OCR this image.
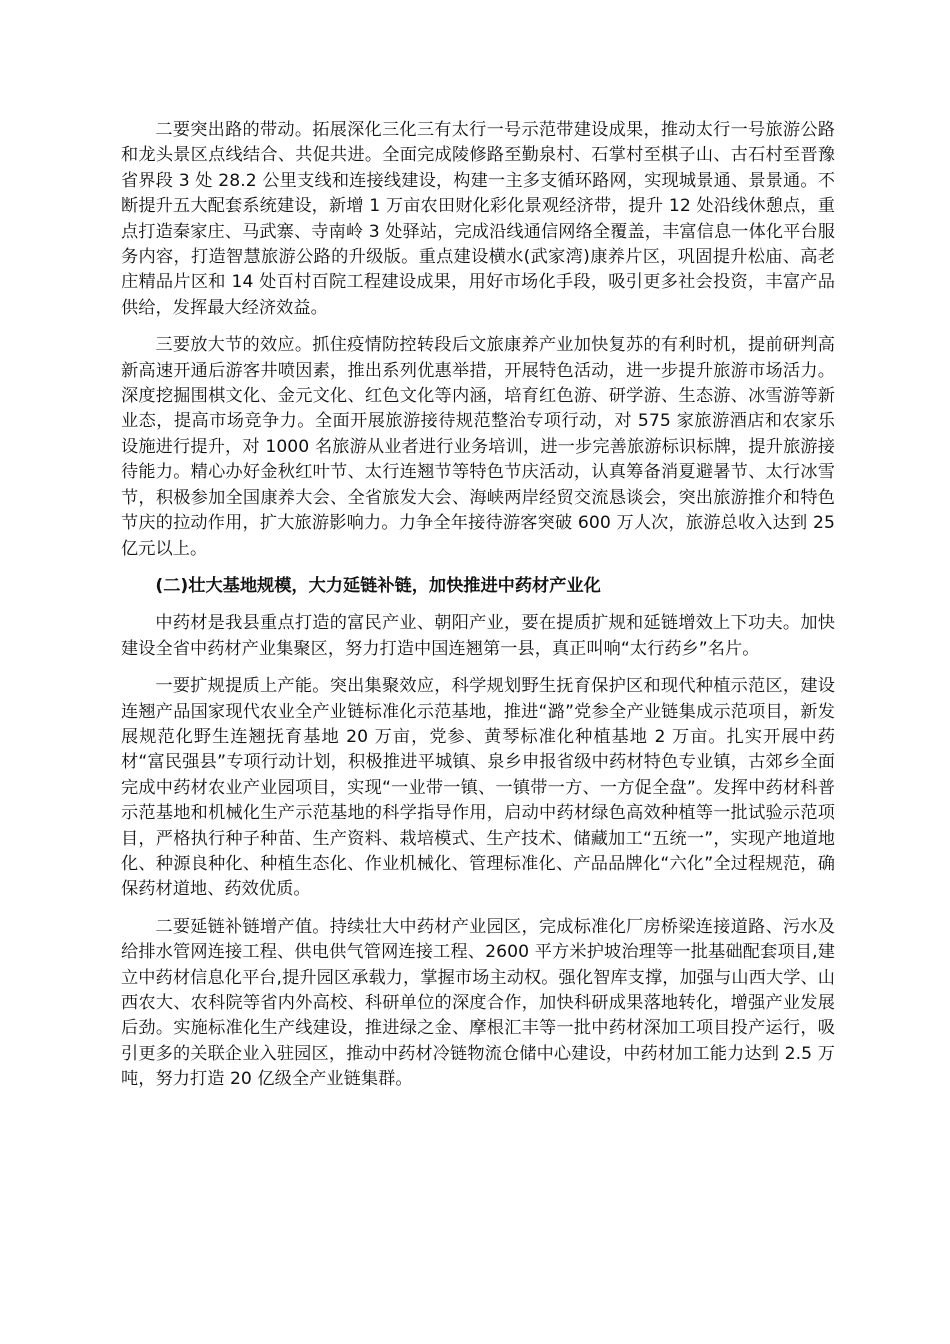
二要突出路的带动。拓展深化三化三有太行一号示范带建设成果，推动太行一号旅游公路和龙头景区点线结合、共促共进。全面完成陵修路至勤泉村、石掌村至棋子山、古石村至晋豫省界段 3 处 28.2 公里支线和连接线建设，构建一主多支循环路网，实现城景通、景景通。不断提升五大配套系统建设，新增 1 万亩农田财化彩化景观经济带，提升 12 处沿线休憩点，重点打造秦家庄、马武寨、寺南岭 3 处驿站，完成沿线通信网络全覆盖，丰富信息一体化平台服务内容，打造智慧旅游公路的升级版。重点建设横水(武家湾)康养片区，巩固提升松庙、高老庄精品片区和 14 处百村百院工程建设成果，用好市场化手段，吸引更多社会投资，丰富产品供给，发挥最大经济效益。

三要放大节的效应。抓住疫情防控转段后文旅康养产业加快复苏的有利时机，提前研判高新高速开通后游客井喷因素，推出系列优惠举措，开展特色活动，进一步提升旅游市场活力。深度挖掘围棋文化、金元文化、红色文化等内涵，培育红色游、研学游、生态游、冰雪游等新业态，提高市场竞争力。全面开展旅游接待规范整治专项行动，对 575 家旅游酒店和农家乐设施进行提升，对 1000 名旅游从业者进行业务培训，进一步完善旅游标识标牌，提升旅游接待能力。精心办好金秋红叶节、太行连翘节等特色节庆活动，认真筹备消夏避暑节、太行冰雪节，积极参加全国康养大会、全省旅发大会、海峡两岸经贸交流恳谈会，突出旅游推介和特色节庆的拉动作用，扩大旅游影响力。力争全年接待游客突破 600 万人次，旅游总收入达到 25 亿元以上。

(二)壮大基地规模，大力延链补链，加快推进中药材产业化

中药材是我县重点打造的富民产业、朝阳产业，要在提质扩规和延链增效上下功夫。加快建设全省中药材产业集聚区，努力打造中国连翘第一县，真正叫响“太行药乡”名片。

一要扩规提质上产能。突出集聚效应，科学规划野生抚育保护区和现代种植示范区，建设连翘产品国家现代农业全产业链标准化示范基地，推进“潞”党参全产业链集成示范项目，新发展规范化野生连翘抚育基地 20 万亩，党参、黄琴标准化种植基地 2 万亩。扎实开展中药材“富民强县”专项行动计划，积极推进平城镇、泉乡申报省级中药材特色专业镇，古郊乡全面完成中药材农业产业园项目，实现“一业带一镇、一镇带一方、一方促全盘”。发挥中药材科普示范基地和机械化生产示范基地的科学指导作用，启动中药材绿色高效种植等一批试验示范项目，严格执行种子种苗、生产资料、栽培模式、生产技术、储藏加工“五统一”，实现产地道地化、种源良种化、种植生态化、作业机械化、管理标准化、产品品牌化“六化”全过程规范，确保药材道地、药效优质。

二要延链补链增产值。持续壮大中药材产业园区，完成标准化厂房桥梁连接道路、污水及给排水管网连接工程、供电供气管网连接工程、2600 平方米护坡治理等一批基础配套项目,建立中药材信息化平台,提升园区承载力，掌握市场主动权。强化智库支撑，加强与山西大学、山西农大、农科院等省内外高校、科研单位的深度合作，加快科研成果落地转化，增强产业发展后劲。实施标准化生产线建设，推进绿之金、摩根汇丰等一批中药材深加工项目投产运行，吸引更多的关联企业入驻园区，推动中药材冷链物流仓储中心建设，中药材加工能力达到 2.5 万吨，努力打造 20 亿级全产业链集群。
